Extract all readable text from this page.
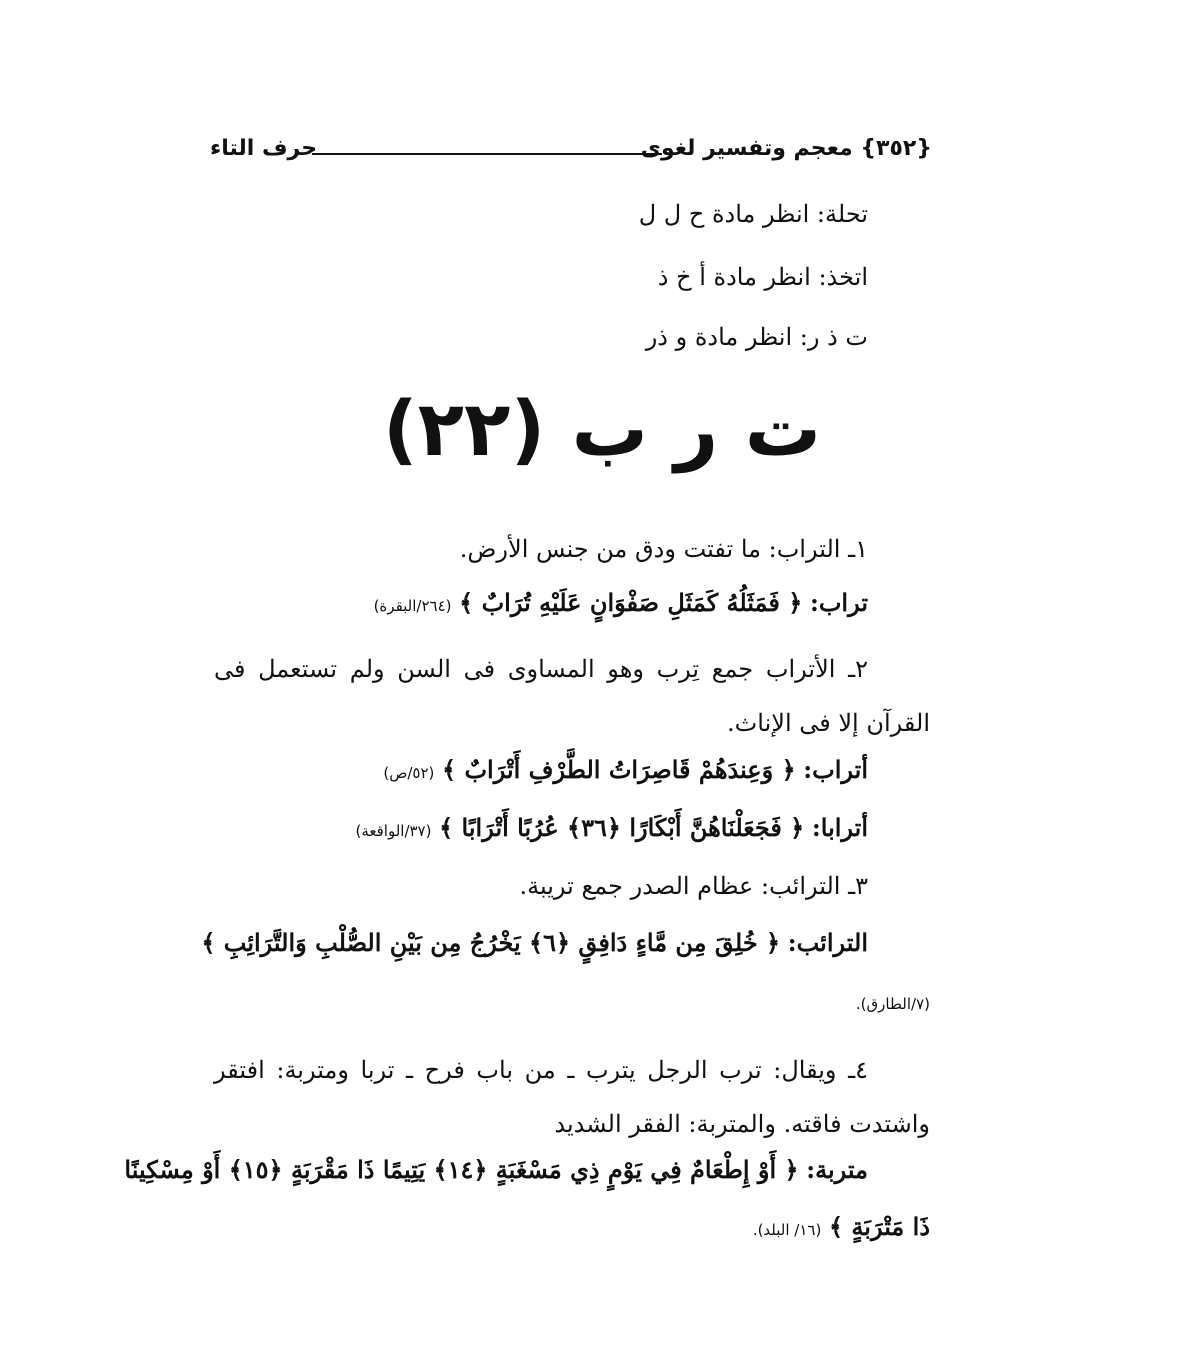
{٣٥٢} معجم وتفسير لغوى
حرف التاء
تحلة: انظر مادة ح ل ل
اتخذ: انظر مادة أ خ ذ
ت ذ ر: انظر مادة و ذر
ت ر ب (٢٢)
١ـ التراب: ما تفتت ودق من جنس الأرض.
تراب: ﴿ فَمَثَلُهُ كَمَثَلِ صَفْوَانٍ عَلَيْهِ تُرَابٌ ﴾ (٢٦٤/البقرة)
٢ـ الأتراب جمع تِرب وهو المساوى فى السن ولم تستعمل فى القرآن إلا فى الإناث.
أتراب: ﴿ وَعِندَهُمْ قَاصِرَاتُ الطَّرْفِ أَتْرَابٌ ﴾ (٥٢/ص)
أترابا: ﴿ فَجَعَلْنَاهُنَّ أَبْكَارًا ﴿٣٦﴾ عُرُبًا أَتْرَابًا ﴾ (٣٧/الواقعة)
٣ـ الترائب: عظام الصدر جمع تريبة.
الترائب: ﴿ خُلِقَ مِن مَّاءٍ دَافِقٍ ﴿٦﴾ يَخْرُجُ مِن بَيْنِ الصُّلْبِ وَالتَّرَائِبِ ﴾
(٧/الطارق).
٤ـ ويقال: ترب الرجل يترب ـ من باب فرح ـ تربا ومتربة: افتقر واشتدت فاقته. والمتربة: الفقر الشديد
متربة: ﴿ أَوْ إِطْعَامٌ فِي يَوْمٍ ذِي مَسْغَبَةٍ ﴿١٤﴾ يَتِيمًا ذَا مَقْرَبَةٍ ﴿١٥﴾ أَوْ مِسْكِينًا
ذَا مَتْرَبَةٍ ﴾ (١٦/ البلد).
